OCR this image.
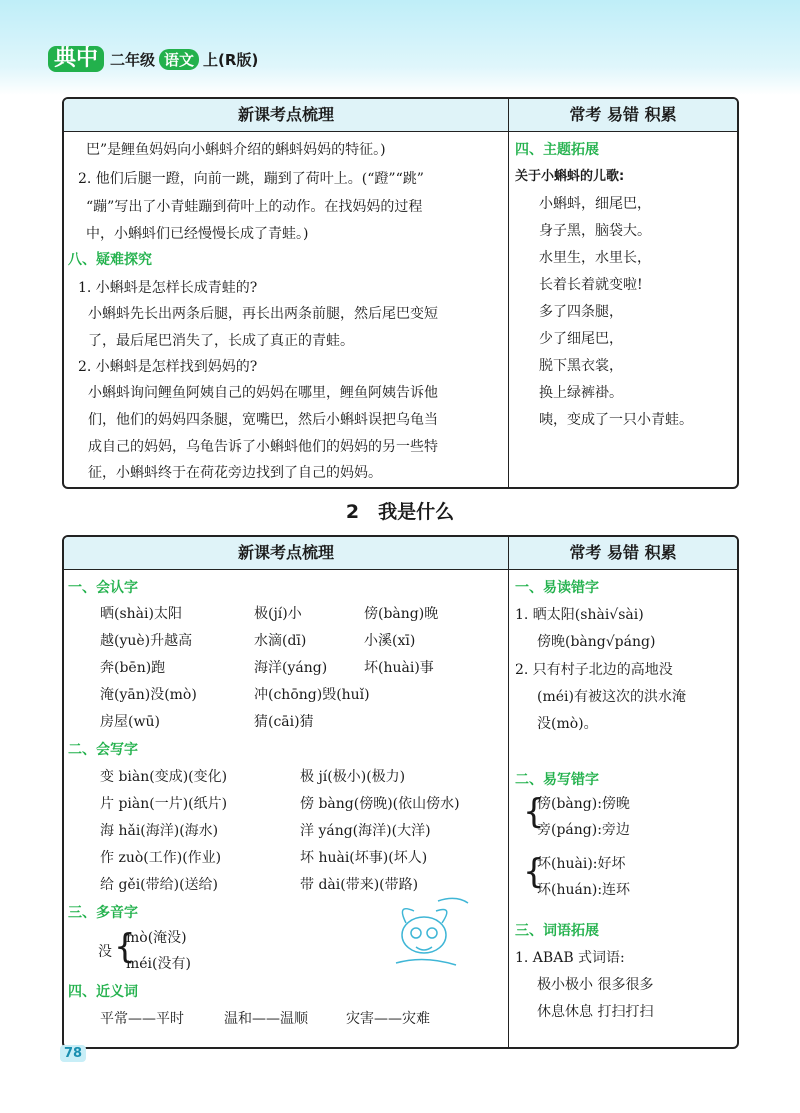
典中 二年级 语文 上(R版)
新课考点梳理	常考 易错 积累
巴”是鲤鱼妈妈向小蝌蚪介绍的蝌蚪妈妈的特征。)
2. 他们后腿一蹬，向前一跳，蹦到了荷叶上。(“蹬”“跳”
“蹦”写出了小青蛙蹦到荷叶上的动作。在找妈妈的过程
中，小蝌蚪们已经慢慢长成了青蛙。)
八、疑难探究
1. 小蝌蚪是怎样长成青蛙的?
小蝌蚪先长出两条后腿，再长出两条前腿，然后尾巴变短
了，最后尾巴消失了，长成了真正的青蛙。
2. 小蝌蚪是怎样找到妈妈的?
小蝌蚪询问鲤鱼阿姨自己的妈妈在哪里，鲤鱼阿姨告诉他
们，他们的妈妈四条腿，宽嘴巴，然后小蝌蚪误把乌龟当
成自己的妈妈，乌龟告诉了小蝌蚪他们的妈妈的另一些特
征，小蝌蚪终于在荷花旁边找到了自己的妈妈。
四、主题拓展
关于小蝌蚪的儿歌:
小蝌蚪，细尾巴，
身子黑，脑袋大。
水里生，水里长，
长着长着就变啦!
多了四条腿，
少了细尾巴，
脱下黑衣裳，
换上绿裤褂。
咦，变成了一只小青蛙。
2　我是什么
新课考点梳理	常考 易错 积累
一、会认字
晒(shài)太阳	极(jí)小	傍(bàng)晚
越(yuè)升越高	水滴(dī)	小溪(xī)
奔(bēn)跑	海洋(yáng)	坏(huài)事
淹(yān)没(mò)	冲(chōng)毁(huǐ)
房屋(wū)	猜(cāi)猜
二、会写字
变 biàn(变成)(变化)	极 jí(极小)(极力)
片 piàn(一片)(纸片)	傍 bàng(傍晚)(依山傍水)
海 hǎi(海洋)(海水)	洋 yáng(海洋)(大洋)
作 zuò(工作)(作业)	坏 huài(坏事)(坏人)
给 gěi(带给)(送给)	带 dài(带来)(带路)
三、多音字
没 {
mò(淹没)
méi(没有)
四、近义词
平常——平时	温和——温顺	灾害——灾难
一、易读错字
1. 晒太阳(shài√sài)
傍晚(bàng√páng)
2. 只有村子北边的高地没
(méi)有被这次的洪水淹
没(mò)。
二、易写错字
{
傍(bàng):傍晚
旁(páng):旁边
{
坏(huài):好坏
环(huán):连环
三、词语拓展
1. ABAB 式词语:
极小极小 很多很多
休息休息 打扫打扫
78
